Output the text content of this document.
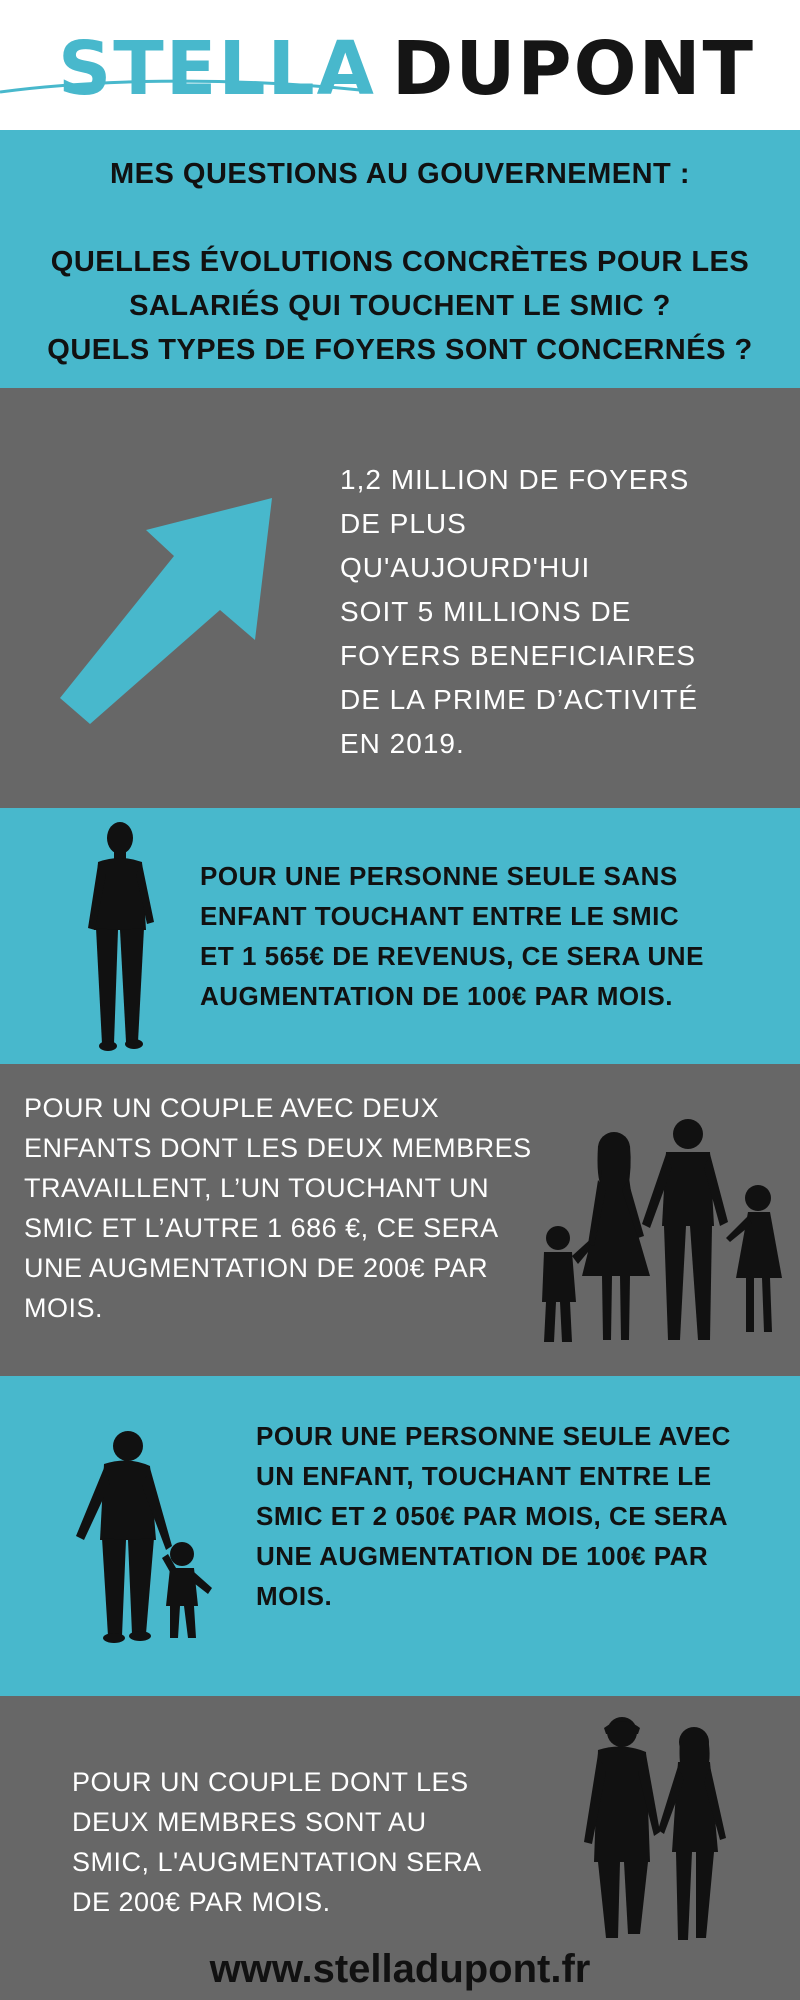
STELLA DUPONT
MES QUESTIONS AU GOUVERNEMENT :
QUELLES ÉVOLUTIONS CONCRÈTES POUR LES
SALARIÉS QUI TOUCHENT LE SMIC ?
QUELS TYPES DE FOYERS SONT CONCERNÉS ?
1,2 MILLION DE FOYERS
DE PLUS
QU'AUJOURD'HUI
SOIT 5 MILLIONS DE
FOYERS BENEFICIAIRES
DE LA PRIME D’ACTIVITÉ
EN 2019.
POUR UNE PERSONNE SEULE SANS
ENFANT TOUCHANT ENTRE LE SMIC
ET 1 565€ DE REVENUS, CE SERA UNE
AUGMENTATION DE 100€ PAR MOIS.
POUR UN COUPLE AVEC DEUX
ENFANTS DONT LES DEUX MEMBRES
TRAVAILLENT, L’UN TOUCHANT UN
SMIC ET L’AUTRE 1 686 €, CE SERA
UNE AUGMENTATION DE 200€ PAR
MOIS.
POUR UNE PERSONNE SEULE AVEC
UN ENFANT, TOUCHANT ENTRE LE
SMIC ET 2 050€ PAR MOIS, CE SERA
UNE AUGMENTATION DE 100€ PAR
MOIS.
POUR UN COUPLE DONT LES
DEUX MEMBRES SONT AU
SMIC, L'AUGMENTATION SERA
DE 200€ PAR MOIS.
www.stelladupont.fr
